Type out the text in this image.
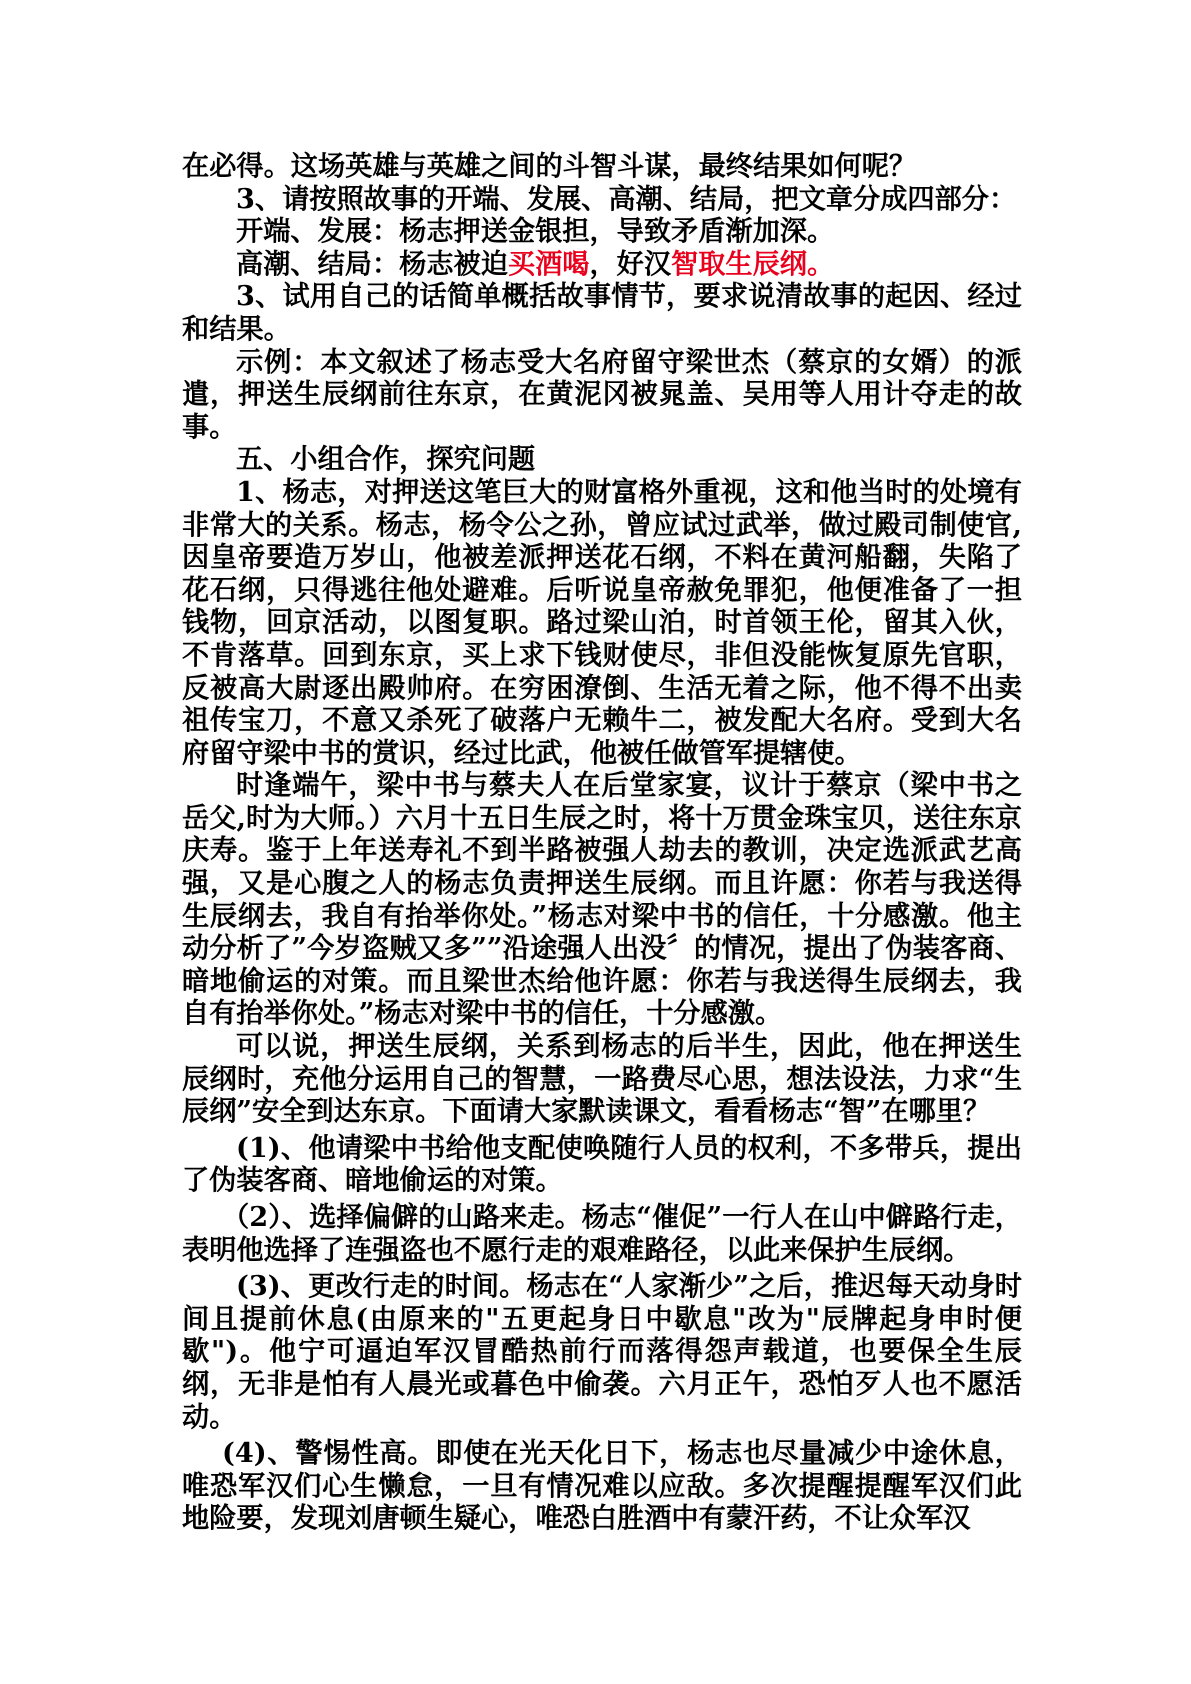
在必得。这场英雄与英雄之间的斗智斗谋，最终结果如何呢？

3、请按照故事的开端、发展、高潮、结局，把文章分成四部分：

开端、发展：杨志押送金银担，导致矛盾渐加深。

高潮、结局：杨志被迫买酒喝，好汉智取生辰纲。

3、试用自己的话简单概括故事情节，要求说清故事的起因、经过和结果。

示例：本文叙述了杨志受大名府留守梁世杰（蔡京的女婿）的派遣，押送生辰纲前往东京，在黄泥冈被晁盖、吴用等人用计夺走的故事。

五、小组合作，探究问题

1、杨志，对押送这笔巨大的财富格外重视，这和他当时的处境有非常大的关系。杨志，杨令公之孙，曾应试过武举，做过殿司制使官,因皇帝要造万岁山，他被差派押送花石纲，不料在黄河船翻，失陷了花石纲，只得逃往他处避难。后听说皇帝赦免罪犯，他便准备了一担钱物，回京活动，以图复职。路过梁山泊，时首领王伦，留其入伙，不肯落草。回到东京，买上求下钱财使尽，非但没能恢复原先官职，反被高大尉逐出殿帅府。在穷困潦倒、生活无着之际，他不得不出卖祖传宝刀，不意又杀死了破落户无赖牛二，被发配大名府。受到大名府留守梁中书的赏识，经过比武，他被任做管军提辖使。

时逢端午，梁中书与蔡夫人在后堂家宴，议计于蔡京（梁中书之岳父,时为大师。）六月十五日生辰之时，将十万贯金珠宝贝，送往东京庆寿。鉴于上年送寿礼不到半路被强人劫去的教训，决定选派武艺高强，又是心腹之人的杨志负责押送生辰纲。而且许愿：你若与我送得生辰纲去，我自有抬举你处。”杨志对梁中书的信任，十分感激。他主动分析了”今岁盗贼又多””沿途强人出没〞的情况，提出了伪装客商、暗地偷运的对策。而且梁世杰给他许愿：你若与我送得生辰纲去，我自有抬举你处。”杨志对梁中书的信任，十分感激。

可以说，押送生辰纲，关系到杨志的后半生，因此，他在押送生辰纲时，充他分运用自己的智慧，一路费尽心思，想法设法，力求“生辰纲”安全到达东京。下面请大家默读课文，看看杨志“智”在哪里？

(1)、他请梁中书给他支配使唤随行人员的权利，不多带兵，提出了伪装客商、暗地偷运的对策。

（2）、选择偏僻的山路来走。杨志“催促”一行人在山中僻路行走，表明他选择了连强盗也不愿行走的艰难路径，以此来保护生辰纲。

(3)、更改行走的时间。杨志在“人家渐少”之后，推迟每天动身时间且提前休息(由原来的"五更起身日中歇息"改为"辰牌起身申时便歇")。他宁可逼迫军汉冒酷热前行而落得怨声载道，也要保全生辰纲，无非是怕有人晨光或暮色中偷袭。六月正午，恐怕歹人也不愿活动。

(4)、警惕性高。即使在光天化日下，杨志也尽量减少中途休息，唯恐军汉们心生懒怠，一旦有情况难以应敌。多次提醒提醒军汉们此地险要，发现刘唐顿生疑心，唯恐白胜酒中有蒙汗药，不让众军汉
